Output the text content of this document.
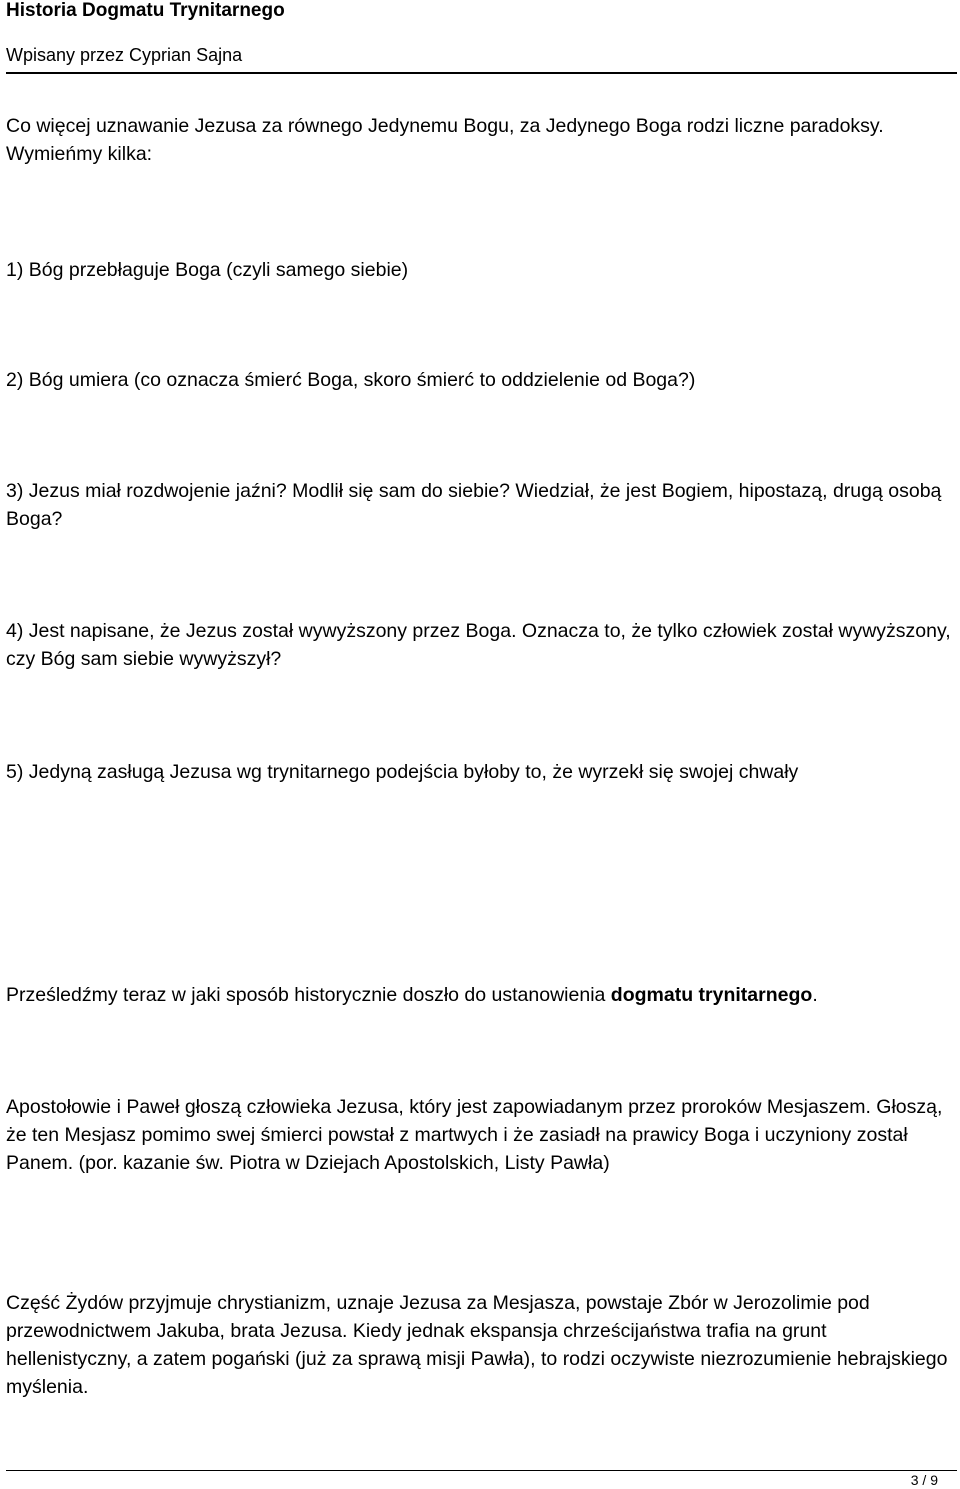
Historia Dogmatu Trynitarnego
Wpisany przez Cyprian Sajna

Co więcej uznawanie Jezusa za równego Jedynemu Bogu, za Jedynego Boga rodzi liczne paradoksy. Wymieńmy kilka:

1) Bóg przebłaguje Boga (czyli samego siebie)

2) Bóg umiera (co oznacza śmierć Boga, skoro śmierć to oddzielenie od Boga?)

3) Jezus miał rozdwojenie jaźni? Modlił się sam do siebie? Wiedział, że jest Bogiem, hipostazą, drugą osobą Boga?

4) Jest napisane, że Jezus został wywyższony przez Boga. Oznacza to, że tylko człowiek został wywyższony, czy Bóg sam siebie wywyższył?

5) Jedyną zasługą Jezusa wg trynitarnego podejścia byłoby to, że wyrzekł się swojej chwały

Prześledźmy teraz w jaki sposób historycznie doszło do ustanowienia dogmatu trynitarnego.

Apostołowie i Paweł głoszą człowieka Jezusa, który jest zapowiadanym przez proroków Mesjaszem. Głoszą, że ten Mesjasz pomimo swej śmierci powstał z martwych i że zasiadł na prawicy Boga i uczyniony został Panem. (por. kazanie św. Piotra w Dziejach Apostolskich, Listy Pawła)

Część Żydów przyjmuje chrystianizm, uznaje Jezusa za Mesjasza, powstaje Zbór w Jerozolimie pod przewodnictwem Jakuba, brata Jezusa. Kiedy jednak ekspansja chrześcijaństwa trafia na grunt hellenistyczny, a zatem pogański (już za sprawą misji Pawła), to rodzi oczywiste niezrozumienie hebrajskiego myślenia.

3 / 9
